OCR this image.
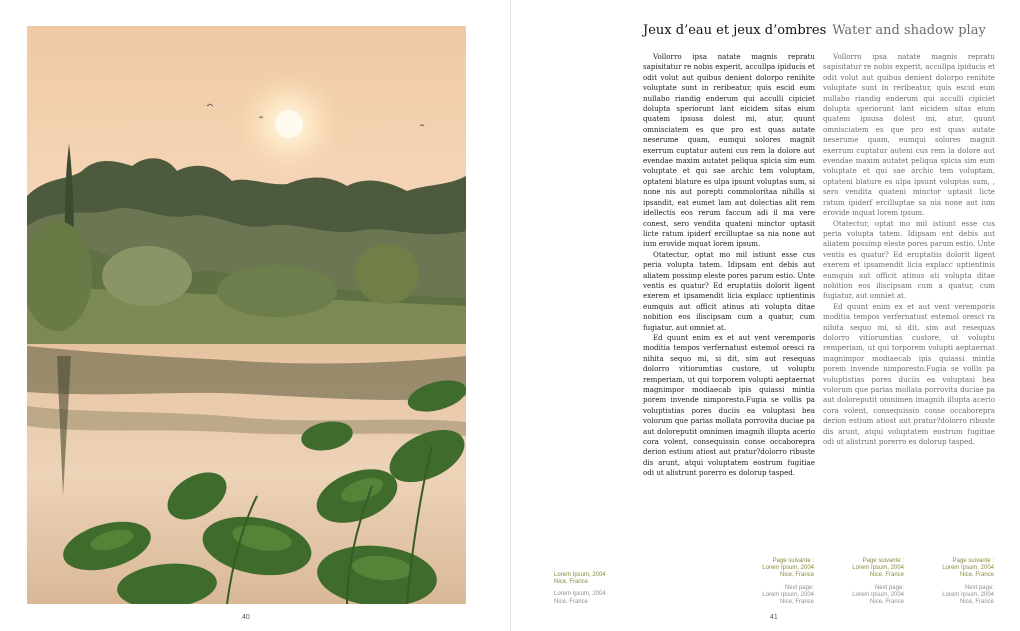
Lorem Ipsum, 2004
Nice, France
Lorem Ipsum, 2004
Nice, France
40
Jeux d’eau et jeux d’ombres

Vollorro ipsa natate magnis repratu sapisitatur re nobis experit, accullpa ipiducis et odit volut aut quibus denient dolorpo renihite voluptate sunt in reribeatur, quis escid eum nullabo riandig enderum qui acculli cipiciet dolupta speriorunt lant eicidem sitas eium quatem ipsusa dolest mi, atur, quunt omnisciatem es que pro est quas autate neserume quam, eumqui solores magnit exerrum cuptatur auteni cus rem la dolore aut evendae maxim autatet peliqua spicia sim eum voluptate et qui sae archic tem voluptam, optateni blature es ulpa ipsunt voluptas sum, si none nis aut porepti commoloritaa nihilla si ipsandit, eat eumet lam aut dolectias alit rem idellectis eos rerum faccum adi il ma vere conest, sero vendita quateni minctor uptasit licte ratum ipiderf ercilluptae sa nia none aut ium erovide mquat lorem ipsum.

Otatectur, optat mo mil istiunt esse cus peria volupta tatem. Idipsam ent debis aut aliatem possimp eleste pores parum estio. Unte ventis es quatur? Ed eruptatiis dolorit ligent exerem et ipsamendit licia explacc uptientinis eumquis aut officit atinus ati volupta ditae nobition eos iliscipsam cum a quatur, cum fugiatur, aut omniet at.

Ed quunt enim ex et aut vent veremporis moditia tempos verfernatust estemol oresci ra nihita sequo mi, si dit, sim aut resequas dolorro vitiorumtias custore, ut voluptu remperiam, ut qui torporem volupti aeptaernat magnimpor modiaecab ipis quiassi mintia porem invende nimporesto.Fugia se vollis pa voluptistias pores duciis ea voluptasi bea volorum que parias mollata porrovita duciae pa aut doloreputit omnimen imagnih illupta acerio cora volent, consequissin conse occaborepra derion estium atiost aut pratur?dolorro ribuste dis arunt, atqui voluptatem eostrum fugitiae odi ut alistrunt porerro es dolorup tasped.

Water and shadow play

Vollorro ipsa natate magnis repratu sapisitatur re nobis experit, accullpa ipiducis et odit volut aut quibus denient dolorpo renihite voluptate sunt in reribeatur, quis escid eum nullabo riandig enderum qui acculli cipiciet dolupta speriorunt lant eicidem sitas eium quatem ipsusa dolest mi, atur, quunt omnisciatem es que pro est quas autate neserume quam, eumqui solores magnit exerrum cuptatur auteni cus rem la dolore aut evendae maxim autatet peliqua spicia sim eum voluptate et qui sae archic tem voluptam, optateni blature es ulpa ipsunt voluptas sum, , sero vendita quateni minctor uptasit licte ratum ipiderf ercilluptae sa nia none aut ium erovide mquat lorem ipsum.

Otatectur, optat mo mil istiunt esse cus peria volupta tatem. Idipsam ent debis aut aliatem possimp eleste pores parum estio. Unte ventis es quatur? Ed eruptatiis dolorit ligent exerem et ipsamendit licia explacc uptientinis eumquis aut officit atinus ati volupta ditae nobition eos iliscipsam cum a quatur, cum fugiatur, aut omniet at.

Ed quunt enim ex et aut vent veremporis moditia tempos verfernatust estemol oresci ra nihita sequo mi, si dit, sim aut resequas dolorro vitiorumtias custore, ut voluptu remperiam, ut qui torporem volupti aeptaernat magnimpor modiaecab ipis quiassi mintia porem invende nimporesto.Fugia se vollis pa voluptistias pores duciis ea voluptasi bea volorum que parias mollata porrovita duciae pa aut doloreputit omnimen imagnih illupta acerio cora volent, consequissin conse occaborepra derion estium atiost aut pratur?dolorro ribuste dis arunt, atqui voluptatem eostrum fugitiae odi ut alistrunt porerro es dolorup tasped.

Page suivante :
Lorem Ipsum, 2004
Nice, France
Next page:
Lorem Ipsum, 2004
Nice, France
Page suivante :
Lorem Ipsum, 2004
Nice, France
Next page:
Lorem Ipsum, 2004
Nice, France
Page suivante :
Lorem Ipsum, 2004
Nice, France
Next page:
Lorem Ipsum, 2004
Nice, France
41
